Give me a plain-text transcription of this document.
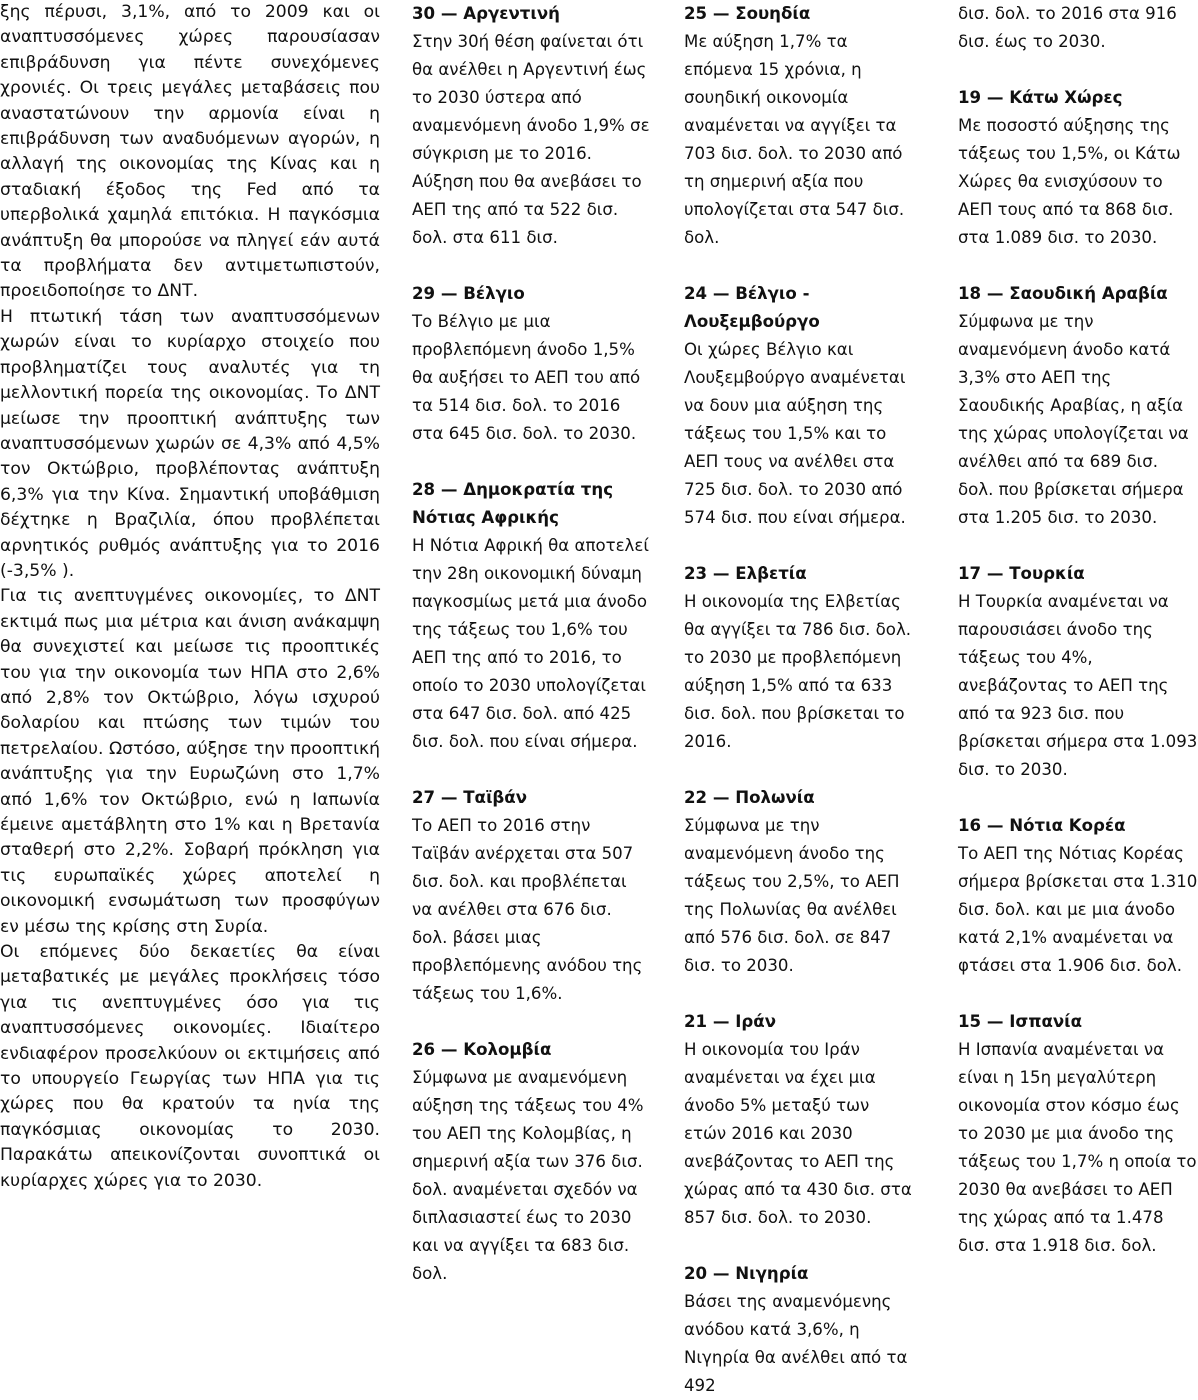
ξης πέρυσι, 3,1%, από το 2009 και οι αναπτυσσόμενες χώρες παρουσίασαν επιβράδυνση για πέντε συνεχόμενες χρονιές. Οι τρεις μεγάλες μεταβάσεις που αναστατώνουν την αρμονία είναι η επιβράδυνση των αναδυόμενων αγορών, η αλλαγή της οικονομίας της Κίνας και η σταδιακή έξοδος της Fed από τα υπερβολικά χαμηλά επιτόκια. Η παγκόσμια ανάπτυξη θα μπορούσε να πληγεί εάν αυτά τα προβλήματα δεν αντιμετωπιστούν, προειδοποίησε το ΔΝΤ.

Η πτωτική τάση των αναπτυσσόμενων χωρών είναι το κυρίαρχο στοιχείο που προβληματίζει τους αναλυτές για τη μελλοντική πορεία της οικονομίας. Το ΔΝΤ μείωσε την προοπτική ανάπτυξης των αναπτυσσόμενων χωρών σε 4,3% από 4,5% τον Οκτώβριο, προβλέποντας ανάπτυξη 6,3% για την Κίνα. Σημαντική υποβάθμιση δέχτηκε η Βραζιλία, όπου προβλέπεται αρνητικός ρυθμός ανάπτυξης για το 2016 (-3,5% ).

Για τις ανεπτυγμένες οικονομίες, το ΔΝΤ εκτιμά πως μια μέτρια και άνιση ανάκαμψη θα συνεχιστεί και μείωσε τις προοπτικές του για την οικονομία των ΗΠΑ στο 2,6% από 2,8% τον Οκτώβριο, λόγω ισχυρού δολαρίου και πτώσης των τιμών του πετρελαίου. Ωστόσο, αύξησε την προοπτική ανάπτυξης για την Ευρωζώνη στο 1,7% από 1,6% τον Οκτώβριο, ενώ η Ιαπωνία έμεινε αμετάβλητη στο 1% και η Βρετανία σταθερή στο 2,2%. Σοβαρή πρόκληση για τις ευρωπαϊκές χώρες αποτελεί η οικονομική ενσωμάτωση των προσφύγων εν μέσω της κρίσης στη Συρία.

Οι επόμενες δύο δεκαετίες θα είναι μεταβατικές με μεγάλες προκλήσεις τόσο για τις ανεπτυγμένες όσο για τις αναπτυσσόμενες οικονομίες. Ιδιαίτερο ενδιαφέρον προσελκύουν οι εκτιμήσεις από το υπουργείο Γεωργίας των ΗΠΑ για τις χώρες που θα κρατούν τα ηνία της παγκόσμιας οικονομίας το 2030. Παρακάτω απεικονίζονται συνοπτικά οι κυρίαρχες χώρες για το 2030.

30 — Αργεντινή

Στην 30ή θέση φαίνεται ότι θα ανέλθει η Αργεντινή έως το 2030 ύστερα από αναμενόμενη άνοδο 1,9% σε σύγκριση με το 2016. Αύξηση που θα ανεβάσει το ΑΕΠ της από τα 522 δισ. δολ. στα 611 δισ.

29 — Βέλγιο

Το Βέλγιο με μια προβλεπόμενη άνοδο 1,5% θα αυξήσει το ΑΕΠ του από τα 514 δισ. δολ. το 2016 στα 645 δισ. δολ. το 2030.

28 — Δημοκρατία της Νότιας Αφρικής

Η Νότια Αφρική θα αποτελεί την 28η οικονομική δύναμη παγκοσμίως μετά μια άνοδο της τάξεως του 1,6% του ΑΕΠ της από το 2016, το οποίο το 2030 υπολογίζεται στα 647 δισ. δολ. από 425 δισ. δολ. που είναι σήμερα.

27 — Ταϊβάν

Το ΑΕΠ το 2016 στην Ταϊβάν ανέρχεται στα 507 δισ. δολ. και προβλέπεται να ανέλθει στα 676 δισ. δολ. βάσει μιας προβλεπόμενης ανόδου της τάξεως του 1,6%.

26 — Κολομβία

Σύμφωνα με αναμενόμενη αύξηση της τάξεως του 4% του ΑΕΠ της Κολομβίας, η σημερινή αξία των 376 δισ. δολ. αναμένεται σχεδόν να διπλασιαστεί έως το 2030 και να αγγίξει τα 683 δισ. δολ.

25 — Σουηδία

Με αύξηση 1,7% τα επόμενα 15 χρόνια, η σουηδική οικονομία αναμένεται να αγγίξει τα 703 δισ. δολ. το 2030 από τη σημερινή αξία που υπολογίζεται στα 547 δισ. δολ.

24 — Βέλγιο - Λουξεμβούργο

Οι χώρες Βέλγιο και Λουξεμβούργο αναμένεται να δουν μια αύξηση της τάξεως του 1,5% και το ΑΕΠ τους να ανέλθει στα 725 δισ. δολ. το 2030 από 574 δισ. που είναι σήμερα.

23 — Ελβετία

Η οικονομία της Ελβετίας θα αγγίξει τα 786 δισ. δολ. το 2030 με προβλεπόμενη αύξηση 1,5% από τα 633 δισ. δολ. που βρίσκεται το 2016.

22 — Πολωνία

Σύμφωνα με την αναμενόμενη άνοδο της τάξεως του 2,5%, το ΑΕΠ της Πολωνίας θα ανέλθει από 576 δισ. δολ. σε 847 δισ. το 2030.

21 — Ιράν

Η οικονομία του Ιράν αναμένεται να έχει μια άνοδο 5% μεταξύ των ετών 2016 και 2030 ανεβάζοντας το ΑΕΠ της χώρας από τα 430 δισ. στα 857 δισ. δολ. το 2030.

20 — Νιγηρία

Βάσει της αναμενόμενης ανόδου κατά 3,6%, η Νιγηρία θα ανέλθει από τα 492

δισ. δολ. το 2016 στα 916 δισ. έως το 2030.

19 — Κάτω Χώρες

Με ποσοστό αύξησης της τάξεως του 1,5%, οι Κάτω Χώρες θα ενισχύσουν το ΑΕΠ τους από τα 868 δισ. στα 1.089 δισ. το 2030.

18 — Σαουδική Αραβία

Σύμφωνα με την αναμενόμενη άνοδο κατά 3,3% στο ΑΕΠ της Σαουδικής Αραβίας, η αξία της χώρας υπολογίζεται να ανέλθει από τα 689 δισ. δολ. που βρίσκεται σήμερα στα 1.205 δισ. το 2030.

17 — Τουρκία

Η Τουρκία αναμένεται να παρουσιάσει άνοδο της τάξεως του 4%, ανεβάζοντας το ΑΕΠ της από τα 923 δισ. που βρίσκεται σήμερα στα 1.093 δισ. το 2030.

16 — Νότια Κορέα

Το ΑΕΠ της Νότιας Κορέας σήμερα βρίσκεται στα 1.310 δισ. δολ. και με μια άνοδο κατά 2,1% αναμένεται να φτάσει στα 1.906 δισ. δολ.

15 — Ισπανία

Η Ισπανία αναμένεται να είναι η 15η μεγαλύτερη οικονομία στον κόσμο έως το 2030 με μια άνοδο της τάξεως του 1,7% η οποία το 2030 θα ανεβάσει το ΑΕΠ της χώρας από τα 1.478 δισ. στα 1.918 δισ. δολ.
